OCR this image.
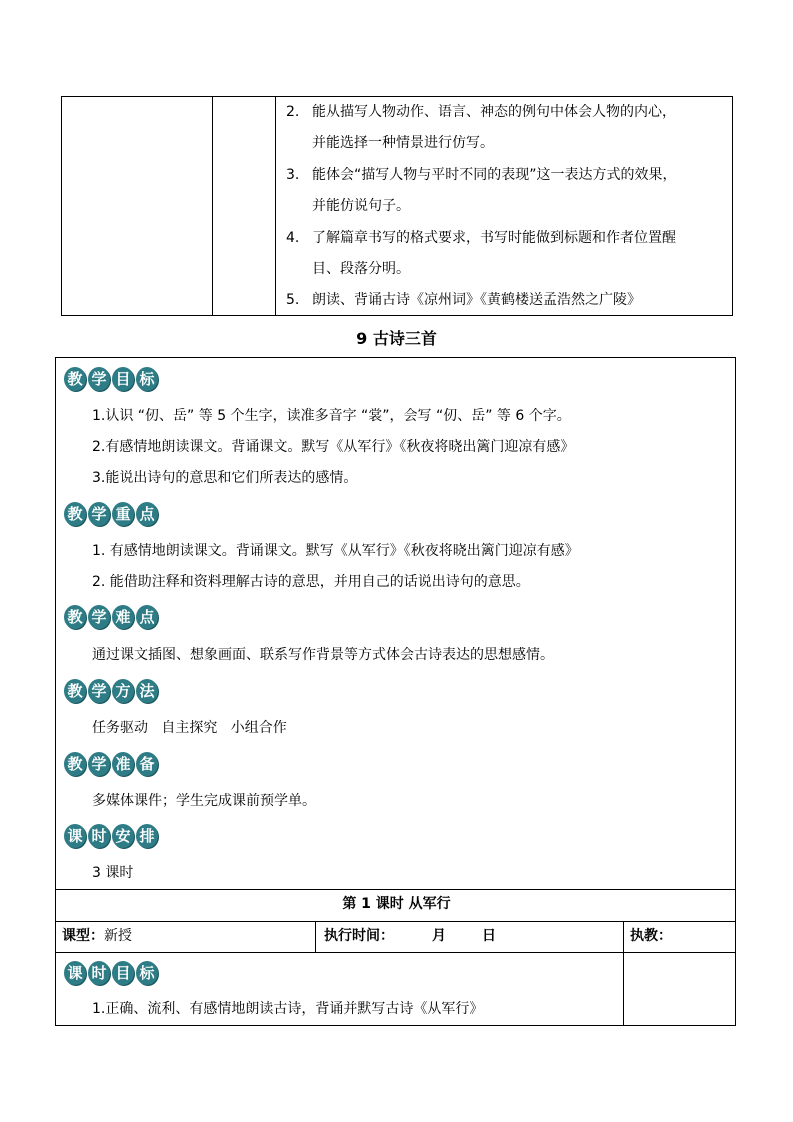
2. 能从描写人物动作、语言、神态的例句中体会人物的内心，
并能选择一种情景进行仿写。
3. 能体会“描写人物与平时不同的表现”这一表达方式的效果，
并能仿说句子。
4. 了解篇章书写的格式要求，书写时能做到标题和作者位置醒
目、段落分明。
5. 朗读、背诵古诗《凉州词》《黄鹤楼送孟浩然之广陵》
9 古诗三首
教 学 目 标
1.认识 “仞、岳” 等 5 个生字，读准多音字 “裳”，会写 “仞、岳” 等 6 个字。
2.有感情地朗读课文。背诵课文。默写《从军行》《秋夜将晓出篱门迎凉有感》
3.能说出诗句的意思和它们所表达的感情。
教 学 重 点
1. 有感情地朗读课文。背诵课文。默写《从军行》《秋夜将晓出篱门迎凉有感》
2. 能借助注释和资料理解古诗的意思，并用自己的话说出诗句的意思。
教 学 难 点
通过课文插图、想象画面、联系写作背景等方式体会古诗表达的思想感情。
教 学 方 法
任务驱动   自主探究   小组合作
教 学 准 备
多媒体课件；学生完成课前预学单。
课 时 安 排
3 课时
第 1 课时 从军行
课型：新授	执行时间：	月	日	执教：
课 时 目 标
1.正确、流利、有感情地朗读古诗，背诵并默写古诗《从军行》
